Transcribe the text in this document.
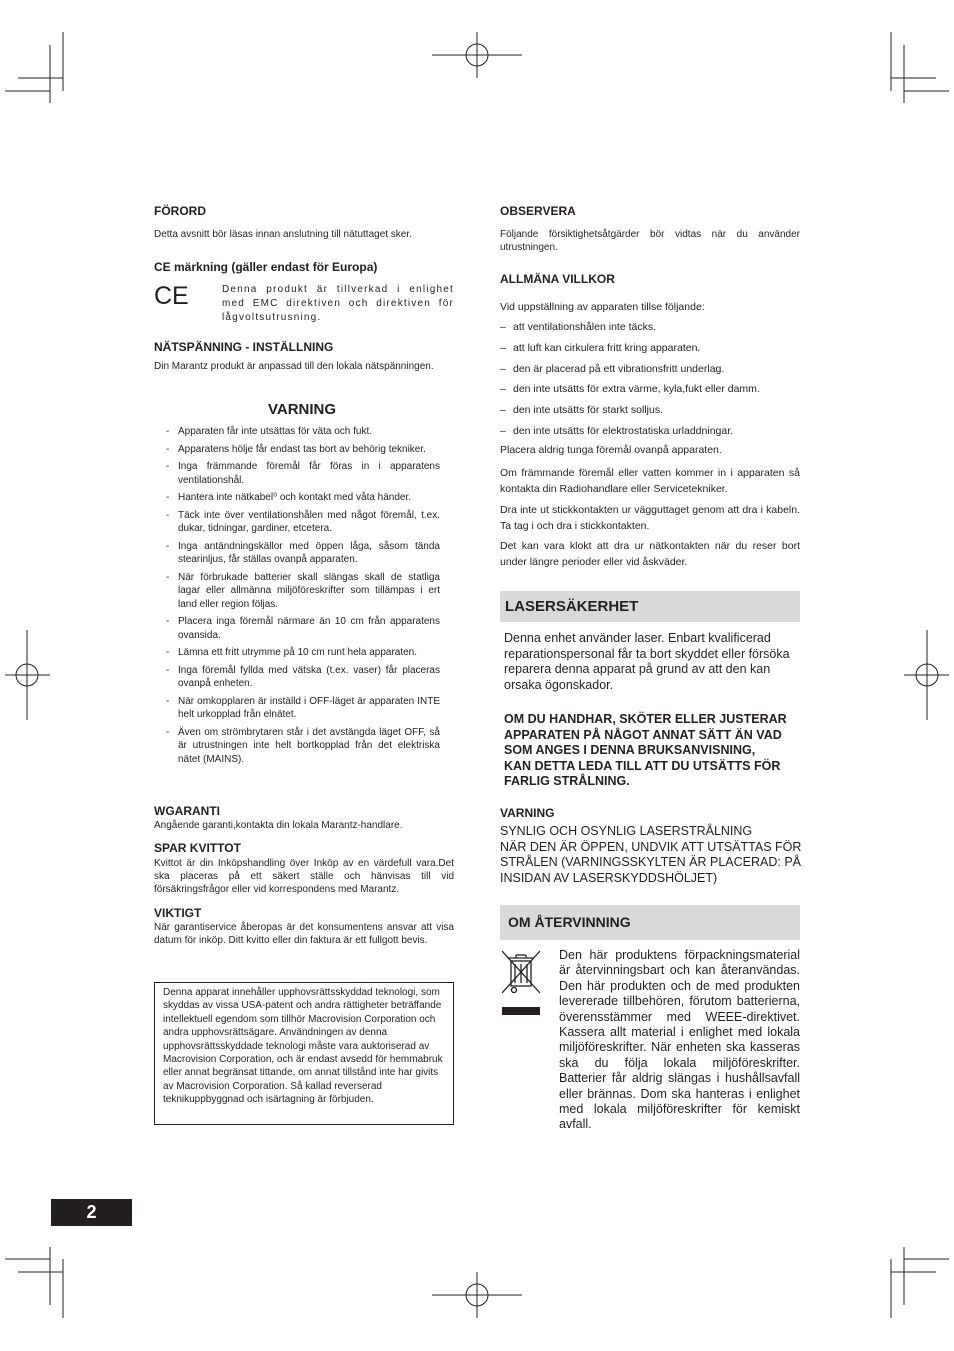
FÖRORD
Detta avsnitt bör läsas innan anslutning till nätuttaget sker.
CE märkning (gäller endast för Europa)
CE	Denna produkt är tillverkad i enlighet med EMC direktiven och direktiven för lågvoltsutrusning.
NÄTSPÄNNING - INSTÄLLNING
Din Marantz produkt är anpassad till den lokala nätspänningen.
VARNING
- Apparaten får inte utsättas för väta och fukt.
- Apparatens hölje får endast tas bort av behörig tekniker.
- Inga främmande föremål får föras in i apparatens ventilationshål.
- Hantera inte nätkabel⁰ och kontakt med våta händer.
- Täck inte över ventilationshålen med något föremål, t.ex. dukar, tidningar, gardiner, etcetera.
- Inga antändningskällor med öppen låga, såsom tända stearinljus, får ställas ovanpå apparaten.
- När förbrukade batterier skall slängas skall de statliga lagar eller allmänna miljöföreskrifter som tillämpas i ert land eller region följas.
- Placera inga föremål närmare än 10 cm från apparatens ovansida.
- Lämna ett fritt utrymme på 10 cm runt hela apparaten.
- Inga föremål fyllda med vätska (t.ex. vaser) får placeras ovanpå enheten.
- När omkopplaren är inställd i OFF-läget är apparaten INTE helt urkopplad från elnätet.
- Även om strömbrytaren står i det avstängda läget OFF, så är utrustningen inte helt bortkopplad från det elektriska nätet (MAINS).
WGARANTI
Angående garanti,kontakta din lokala Marantz-handlare.
SPAR KVITTOT
Kvittot är din Inköpshandling över Inköp av en värdefull vara.Det ska placeras på ett säkert ställe och hänvisas till vid försäkringsfrågor eller vid korrespondens med Marantz.
VIKTIGT
När garantiservice åberopas är det konsumentens ansvar att visa datum för inköp. Ditt kvitto eller din faktura är ett fullgott bevis.
Denna apparat innehåller upphovsrättsskyddad teknologi, som skyddas av vissa USA-patent och andra rättigheter beträffande intellektuell egendom som tillhör Macrovision Corporation och andra upphovsrättsägare. Användningen av denna upphovsrättsskyddade teknologi måste vara auktoriserad av Macrovision Corporation, och är endast avsedd för hemmabruk eller annat begränsat tittande, om annat tillstånd inte har givits av Macrovision Corporation. Så kallad reverserad teknikuppbyggnad och isärtagning är förbjuden.
OBSERVERA
Följande försiktighetsåtgärder bör vidtas när du använder utrustningen.
ALLMÄNA VILLKOR
Vid uppställning av apparaten tillse följande:
– att ventilationshålen inte täcks.
– att luft kan cirkulera fritt kring apparaten.
– den är placerad på ett vibrationsfritt underlag.
– den inte utsätts för extra värme, kyla,fukt eller damm.
– den inte utsätts för starkt solljus.
– den inte utsätts för elektrostatiska urladdningar.
Placera aldrig tunga föremål ovanpå apparaten.
Om främmande föremål eller vatten kommer in i apparaten så kontakta din Radiohandlare eller Servicetekniker.
Dra inte ut stickkontakten ur vägguttaget genom att dra i kabeln. Ta tag i och dra i stickkontakten.
Det kan vara klokt att dra ur nätkontakten när du reser bort under längre perioder eller vid åskväder.
LASERSÄKERHET
Denna enhet använder laser. Enbart kvalificerad reparationspersonal får ta bort skyddet eller försöka reparera denna apparat på grund av att den kan orsaka ögonskador.
OM DU HANDHAR, SKÖTER ELLER JUSTERAR
APPARATEN PÅ NÅGOT ANNAT SÄTT ÄN VAD
SOM ANGES I DENNA BRUKSANVISNING,
KAN DETTA LEDA TILL ATT DU UTSÄTTS FÖR
FARLIG STRÅLNING.
VARNING
SYNLIG OCH OSYNLIG LASERSTRÅLNING
NÄR DEN ÄR ÖPPEN, UNDVIK ATT UTSÄTTAS FÖR
STRÅLEN (VARNINGSSKYLTEN ÄR PLACERAD: PÅ
INSIDAN AV LASERSKYDDSHÖLJET)
OM ÅTERVINNING
Den här produktens förpackningsmaterial är återvinningsbart och kan återanvändas. Den här produkten och de med produkten levererade tillbehören, förutom batterierna, överensstämmer med WEEE-direktivet. Kassera allt material i enlighet med lokala miljöföreskrifter. När enheten ska kasseras ska du följa lokala miljöföreskrifter. Batterier får aldrig slängas i hushållsavfall eller brännas. Dom ska hanteras i enlighet med lokala miljöföreskrifter för kemiskt avfall.
2
